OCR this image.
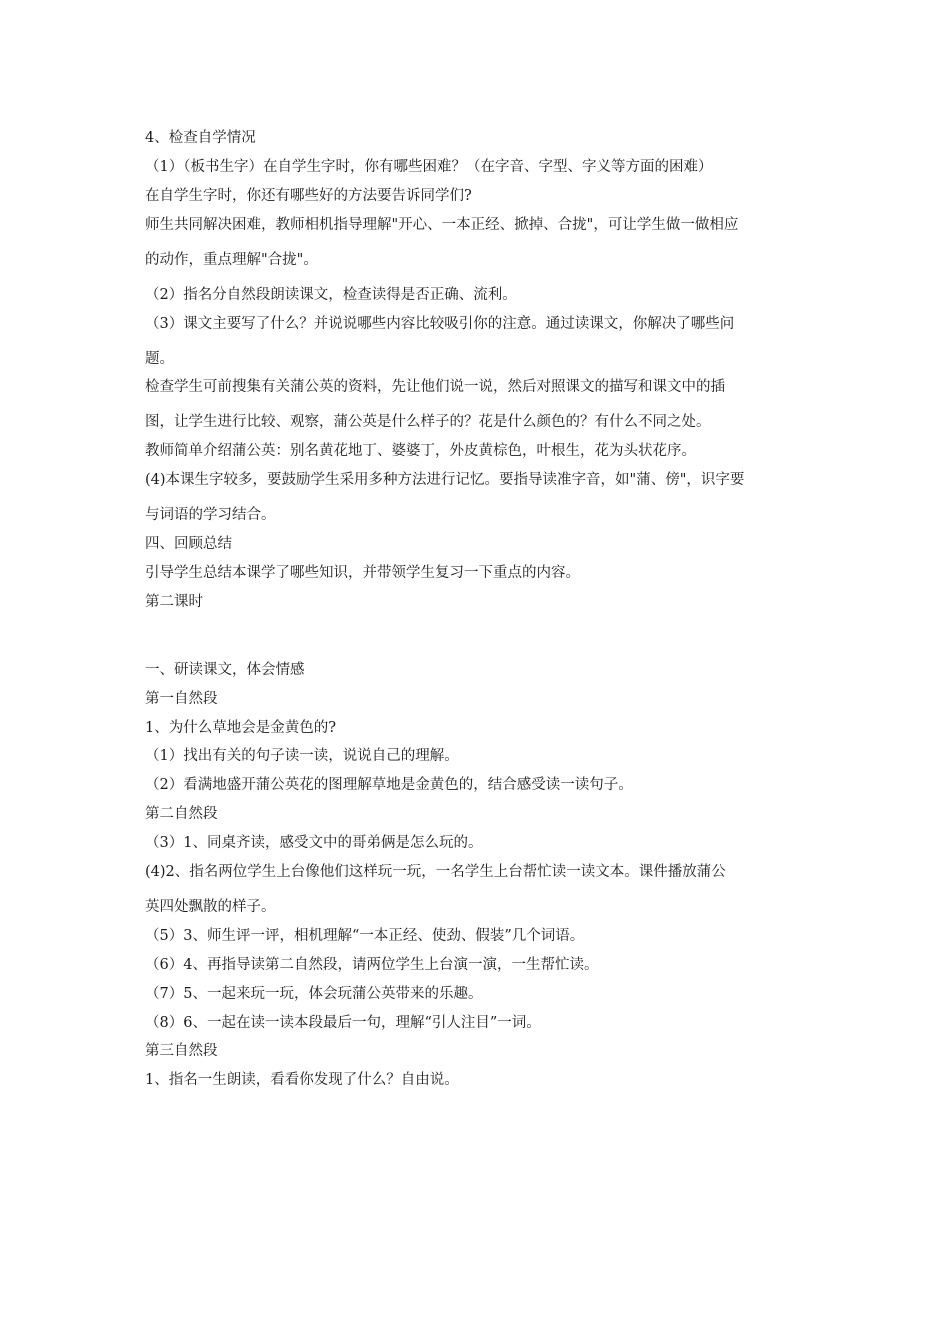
4、检查自学情况

（1）（板书生字）在自学生字时，你有哪些困难？（在字音、字型、字义等方面的困难）

在自学生字时，你还有哪些好的方法要告诉同学们?

师生共同解决困难，教师相机指导理解"开心、一本正经、掀掉、合拢"，可让学生做一做相应

的动作，重点理解"合拢"。

（2）指名分自然段朗读课文，检查读得是否正确、流利。

（3）课文主要写了什么？并说说哪些内容比较吸引你的注意。通过读课文，你解决了哪些问

题。

检查学生可前搜集有关蒲公英的资料，先让他们说一说，然后对照课文的描写和课文中的插

图，让学生进行比较、观察，蒲公英是什么样子的？花是什么颜色的？有什么不同之处。

教师简单介绍蒲公英：别名黄花地丁、婆婆丁，外皮黄棕色，叶根生，花为头状花序。

(4)本课生字较多，要鼓励学生采用多种方法进行记忆。要指导读准字音，如"蒲、傍"，识字要

与词语的学习结合。

四、回顾总结

引导学生总结本课学了哪些知识，并带领学生复习一下重点的内容。

第二课时

一、研读课文，体会情感

第一自然段

1、为什么草地会是金黄色的?

（1）找出有关的句子读一读，说说自己的理解。

（2）看满地盛开蒲公英花的图理解草地是金黄色的，结合感受读一读句子。

第二自然段

（3）1、同桌齐读，感受文中的哥弟俩是怎么玩的。

(4)2、指名两位学生上台像他们这样玩一玩，一名学生上台帮忙读一读文本。课件播放蒲公

英四处飘散的样子。

（5）3、师生评一评，相机理解“一本正经、使劲、假装”几个词语。

（6）4、再指导读第二自然段，请两位学生上台演一演，一生帮忙读。

（7）5、一起来玩一玩，体会玩蒲公英带来的乐趣。

（8）6、一起在读一读本段最后一句，理解“引人注目”一词。

第三自然段

1、指名一生朗读，看看你发现了什么？自由说。
